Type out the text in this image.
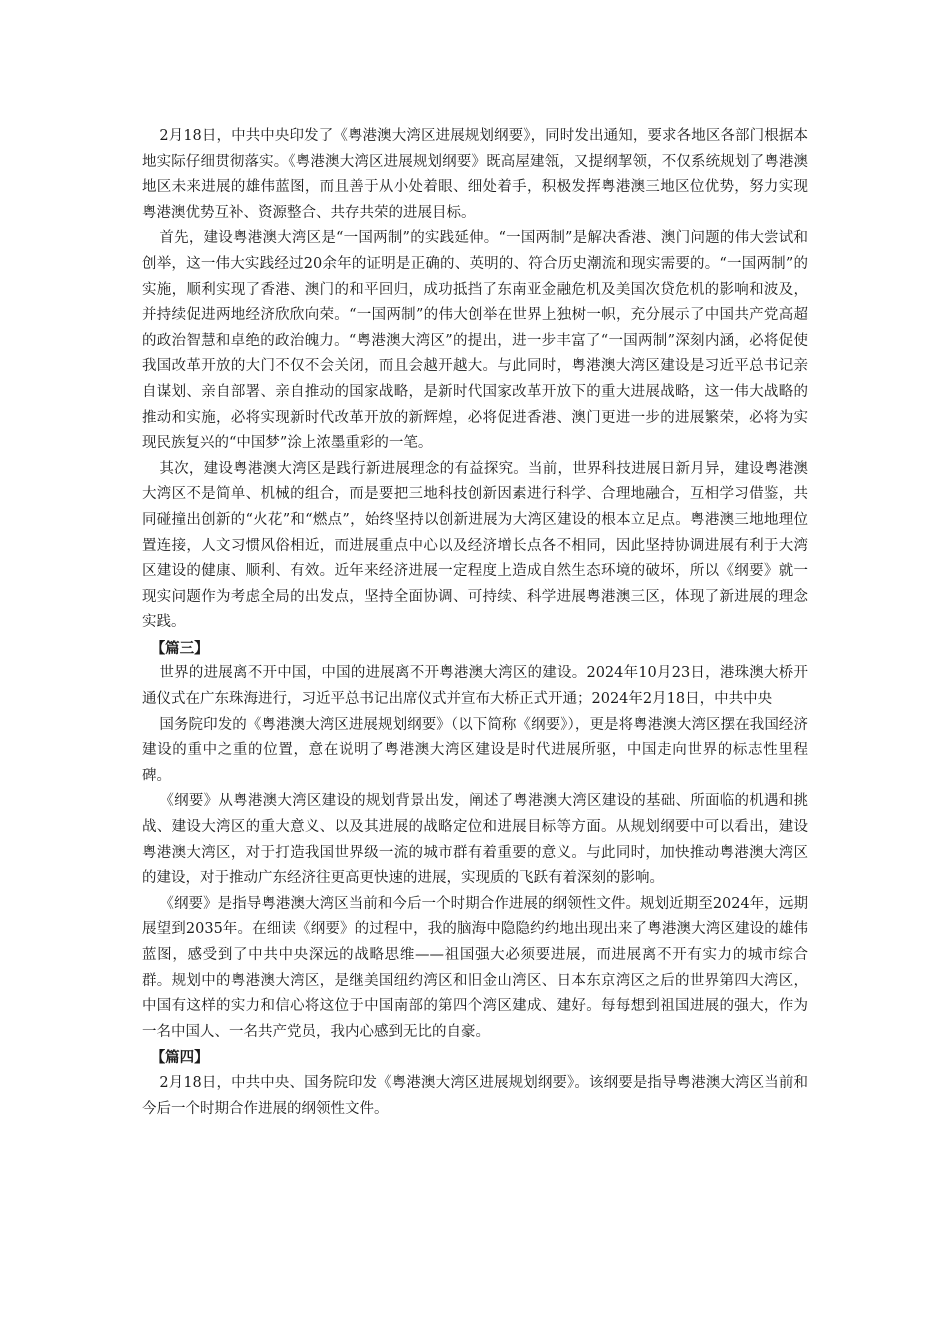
2月18日，中共中央印发了《粤港澳大湾区进展规划纲要》，同时发出通知，要求各地区各部门根据本地实际仔细贯彻落实。《粤港澳大湾区进展规划纲要》既高屋建瓴，又提纲挈领，不仅系统规划了粤港澳地区未来进展的雄伟蓝图，而且善于从小处着眼、细处着手，积极发挥粤港澳三地区位优势，努力实现粤港澳优势互补、资源整合、共存共荣的进展目标。

首先，建设粤港澳大湾区是“一国两制”的实践延伸。“一国两制”是解决香港、澳门问题的伟大尝试和创举，这一伟大实践经过20余年的证明是正确的、英明的、符合历史潮流和现实需要的。“一国两制”的实施，顺利实现了香港、澳门的和平回归，成功抵挡了东南亚金融危机及美国次贷危机的影响和波及，并持续促进两地经济欣欣向荣。“一国两制”的伟大创举在世界上独树一帜，充分展示了中国共产党高超的政治智慧和卓绝的政治魄力。“粤港澳大湾区”的提出，进一步丰富了“一国两制”深刻内涵，必将促使我国改革开放的大门不仅不会关闭，而且会越开越大。与此同时，粤港澳大湾区建设是习近平总书记亲自谋划、亲自部署、亲自推动的国家战略，是新时代国家改革开放下的重大进展战略，这一伟大战略的推动和实施，必将实现新时代改革开放的新辉煌，必将促进香港、澳门更进一步的进展繁荣，必将为实现民族复兴的“中国梦”涂上浓墨重彩的一笔。

其次，建设粤港澳大湾区是践行新进展理念的有益探究。当前，世界科技进展日新月异，建设粤港澳大湾区不是简单、机械的组合，而是要把三地科技创新因素进行科学、合理地融合，互相学习借鉴，共同碰撞出创新的“火花”和“燃点”，始终坚持以创新进展为大湾区建设的根本立足点。粤港澳三地地理位置连接，人文习惯风俗相近，而进展重点中心以及经济增长点各不相同，因此坚持协调进展有利于大湾区建设的健康、顺利、有效。近年来经济进展一定程度上造成自然生态环境的破坏，所以《纲要》就一现实问题作为考虑全局的出发点，坚持全面协调、可持续、科学进展粤港澳三区，体现了新进展的理念实践。

【篇三】

世界的进展离不开中国，中国的进展离不开粤港澳大湾区的建设。2024年10月23日，港珠澳大桥开通仪式在广东珠海进行，习近平总书记出席仪式并宣布大桥正式开通；2024年2月18日，中共中央

国务院印发的《粤港澳大湾区进展规划纲要》（以下简称《纲要》），更是将粤港澳大湾区摆在我国经济建设的重中之重的位置，意在说明了粤港澳大湾区建设是时代进展所驱，中国走向世界的标志性里程碑。

《纲要》从粤港澳大湾区建设的规划背景出发，阐述了粤港澳大湾区建设的基础、所面临的机遇和挑战、建设大湾区的重大意义、以及其进展的战略定位和进展目标等方面。从规划纲要中可以看出，建设粤港澳大湾区，对于打造我国世界级一流的城市群有着重要的意义。与此同时，加快推动粤港澳大湾区的建设，对于推动广东经济往更高更快速的进展，实现质的飞跃有着深刻的影响。

《纲要》是指导粤港澳大湾区当前和今后一个时期合作进展的纲领性文件。规划近期至2024年，远期展望到2035年。在细读《纲要》的过程中，我的脑海中隐隐约约地出现出来了粤港澳大湾区建设的雄伟蓝图，感受到了中共中央深远的战略思维——祖国强大必须要进展，而进展离不开有实力的城市综合群。规划中的粤港澳大湾区，是继美国纽约湾区和旧金山湾区、日本东京湾区之后的世界第四大湾区，中国有这样的实力和信心将这位于中国南部的第四个湾区建成、建好。每每想到祖国进展的强大，作为一名中国人、一名共产党员，我内心感到无比的自豪。

【篇四】

2月18日，中共中央、国务院印发《粤港澳大湾区进展规划纲要》。该纲要是指导粤港澳大湾区当前和今后一个时期合作进展的纲领性文件。
